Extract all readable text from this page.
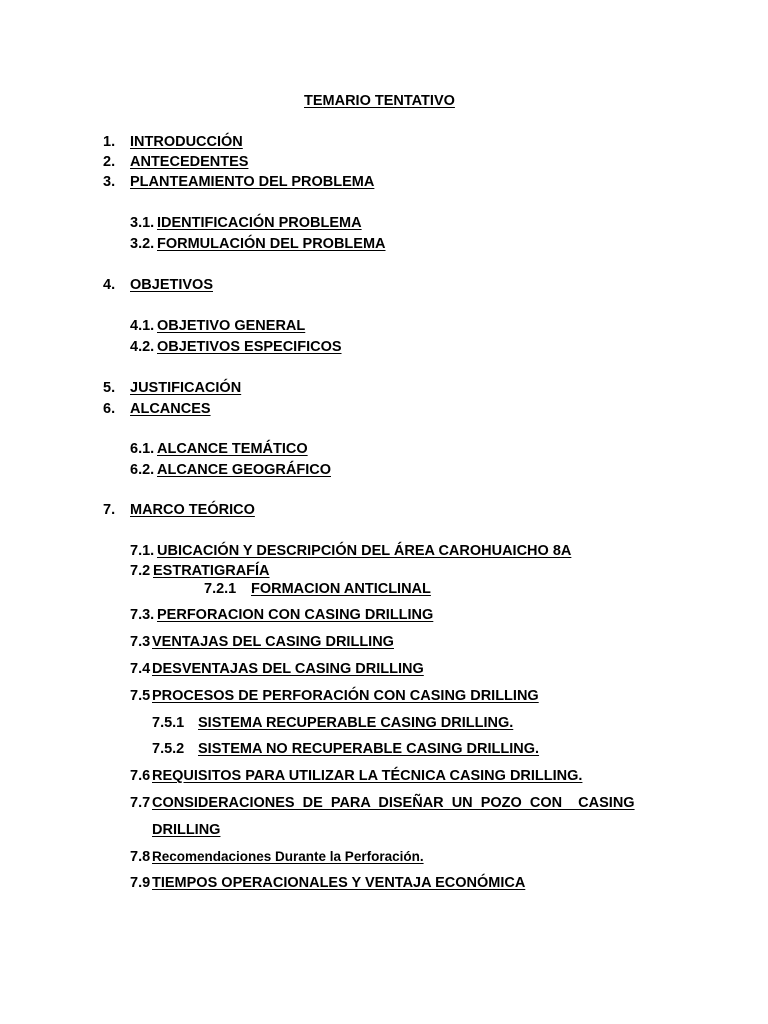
TEMARIO TENTATIVO
1. INTRODUCCIÓN
2. ANTECEDENTES
3. PLANTEAMIENTO DEL PROBLEMA
3.1. IDENTIFICACIÓN PROBLEMA
3.2. FORMULACIÓN DEL PROBLEMA
4. OBJETIVOS
4.1. OBJETIVO GENERAL
4.2. OBJETIVOS ESPECIFICOS
5. JUSTIFICACIÓN
6. ALCANCES
6.1. ALCANCE TEMÁTICO
6.2. ALCANCE GEOGRÁFICO
7. MARCO TEÓRICO
7.1. UBICACIÓN Y DESCRIPCIÓN DEL ÁREA CAROHUAICHO 8A
7.2 ESTRATIGRAFÍA
7.2.1 FORMACION ANTICLINAL
7.3. PERFORACION CON CASING DRILLING
7.3 VENTAJAS DEL CASING DRILLING
7.4 DESVENTAJAS DEL CASING DRILLING
7.5 PROCESOS DE PERFORACIÓN CON CASING DRILLING
7.5.1 SISTEMA RECUPERABLE CASING DRILLING.
7.5.2 SISTEMA NO RECUPERABLE CASING DRILLING.
7.6 REQUISITOS PARA UTILIZAR LA TÉCNICA CASING DRILLING.
7.7 CONSIDERACIONES  DE  PARA  DISEÑAR  UN  POZO  CON    CASING
DRILLING
7.8 Recomendaciones Durante la Perforación.
7.9 TIEMPOS OPERACIONALES Y VENTAJA ECONÓMICA
